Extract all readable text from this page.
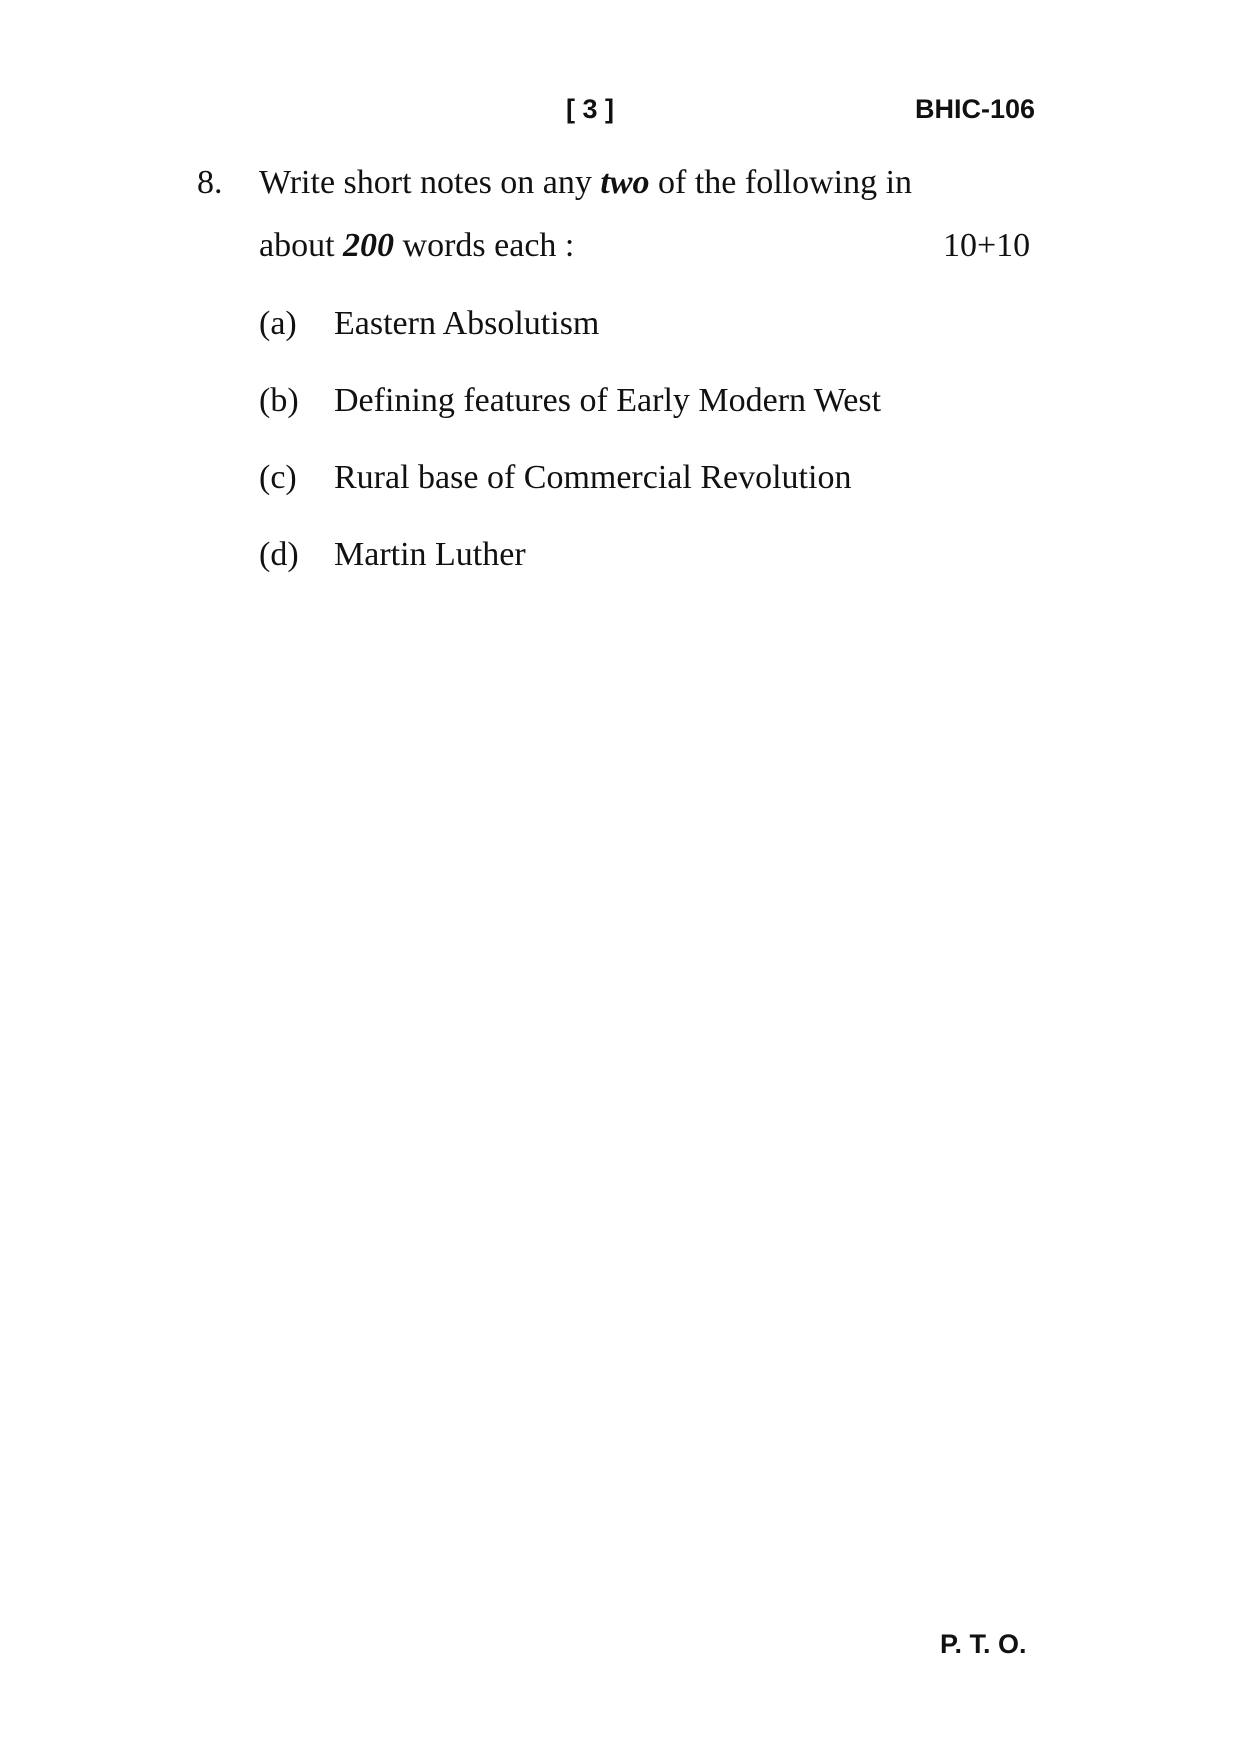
[ 3 ]	BHIC-106
8. Write short notes on any two of the following in
about 200 words each :	10+10
(a) Eastern Absolutism
(b) Defining features of Early Modern West
(c) Rural base of Commercial Revolution
(d) Martin Luther
P. T. O.
